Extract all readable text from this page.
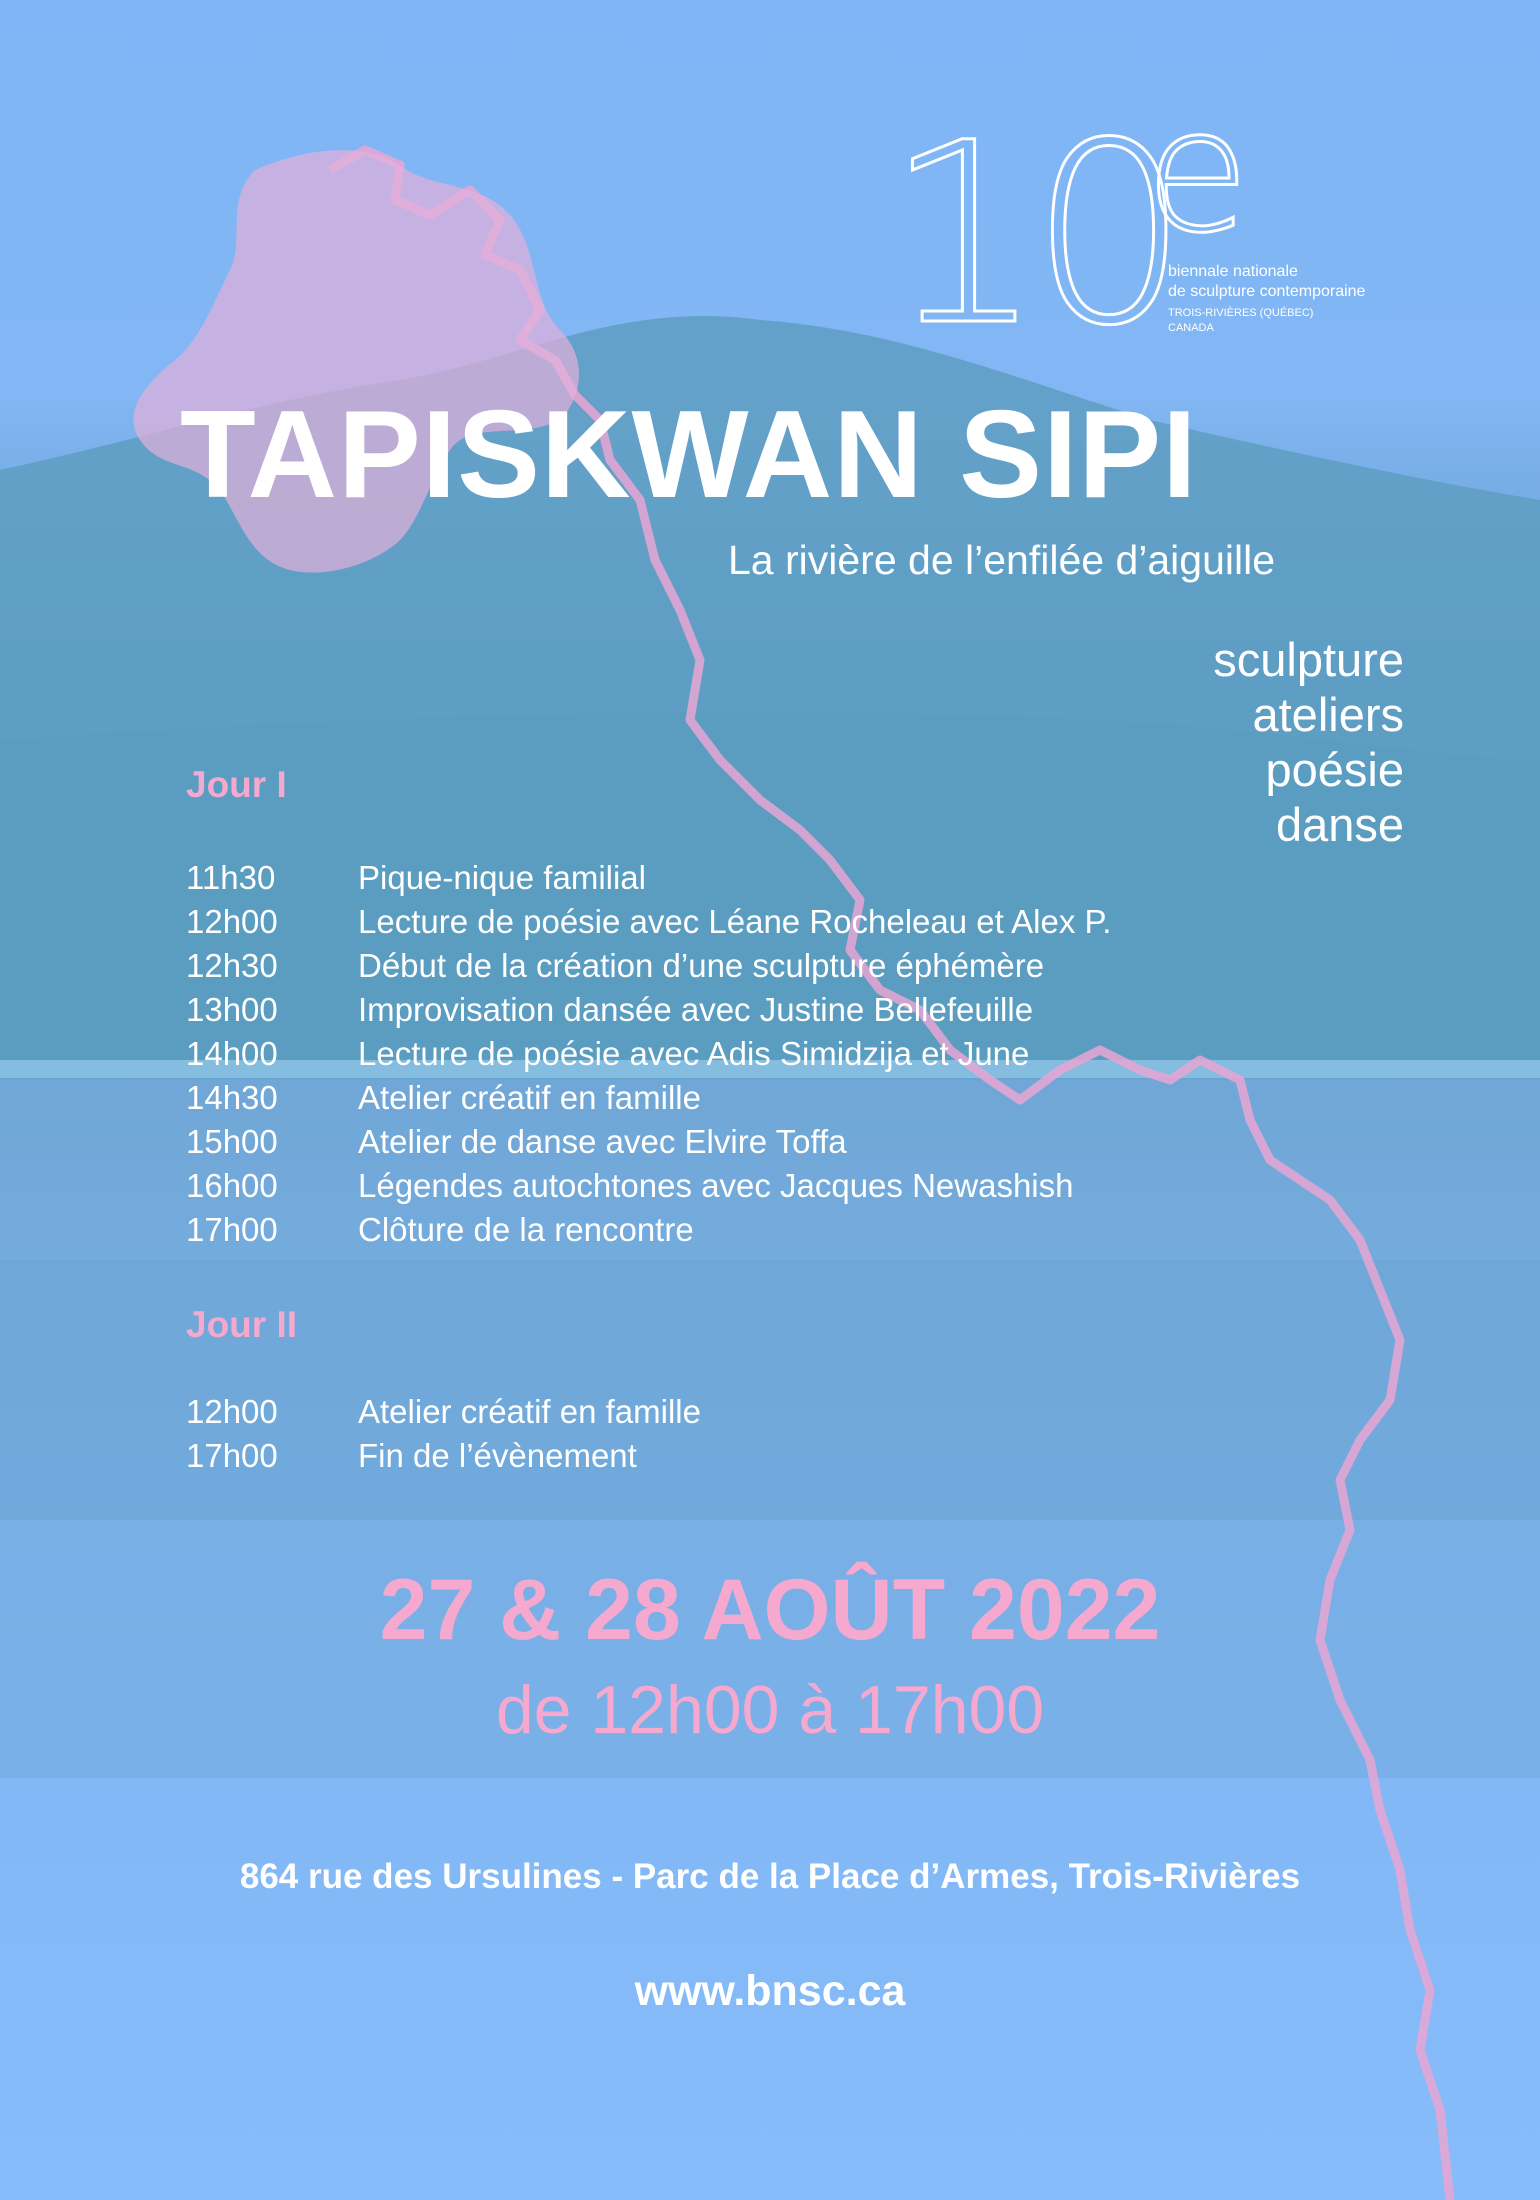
10
e
biennale nationale
de sculpture contemporaine
TROIS-RIVIÈRES (QUÉBEC)
CANADA
TAPISKWAN SIPI
La rivière de l’enfilée d’aiguille
sculpture
ateliers
poésie
danse
Jour I
11h30	Pique-nique familial
12h00 Lecture de poésie avec Léane Rocheleau et Alex P.
12h30 Début de la création d’une sculpture éphémère
13h00 Improvisation dansée avec Justine Bellefeuille
14h00 Lecture de poésie avec Adis Simidzija et June
14h30 Atelier créatif en famille
15h00 Atelier de danse avec Elvire Toffa
16h00 Légendes autochtones avec Jacques Newashish
17h00 Clôture de la rencontre
Jour II
12h00 Atelier créatif en famille
17h00 Fin de l’évènement
27 & 28 AOÛT 2022
de 12h00 à 17h00
864 rue des Ursulines - Parc de la Place d’Armes, Trois-Rivières
www.bnsc.ca
